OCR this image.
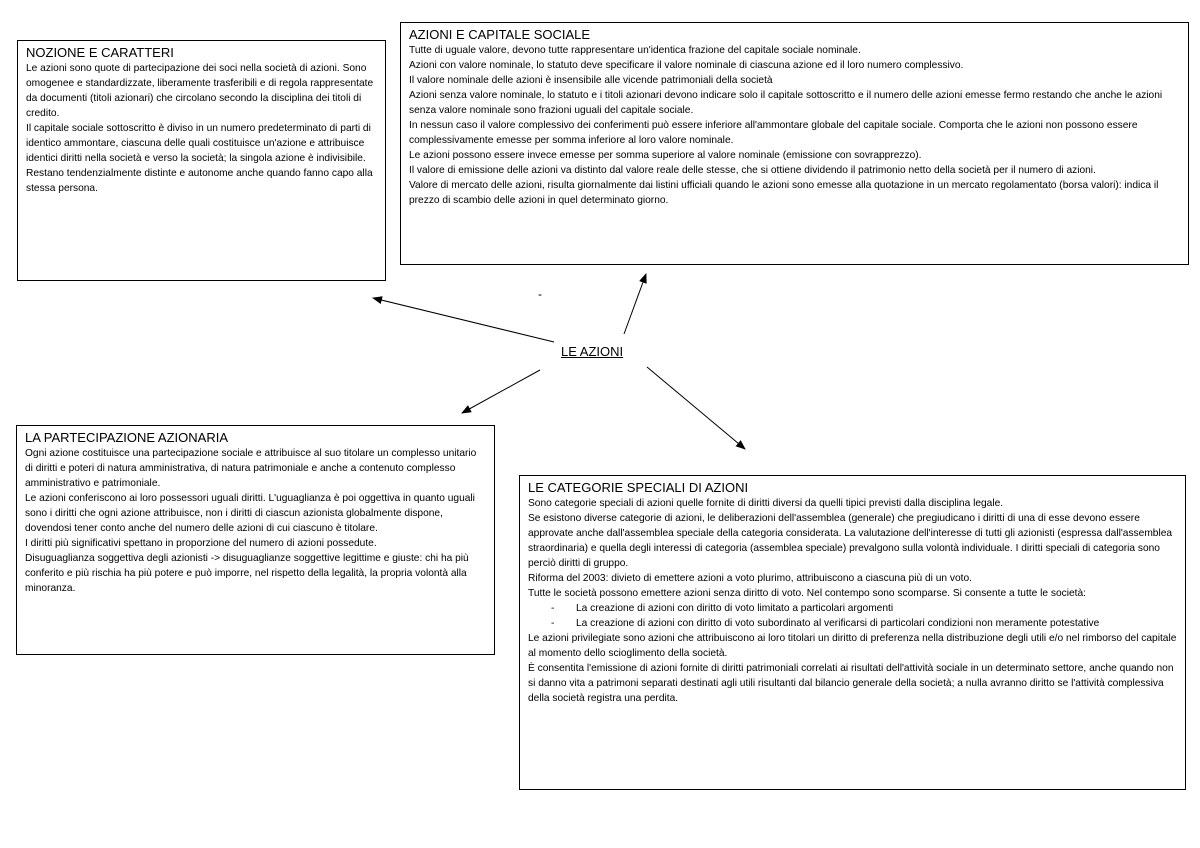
-
LE AZIONI
NOZIONE E CARATTERI

Le azioni sono quote di partecipazione dei soci nella società di azioni. Sono omogenee e standardizzate, liberamente trasferibili e di regola rappresentate da documenti (titoli azionari) che circolano secondo la disciplina dei titoli di credito.

Il capitale sociale sottoscritto è diviso in un numero predeterminato di parti di identico ammontare, ciascuna delle quali costituisce un'azione e attribuisce identici diritti nella società e verso la società; la singola azione è indivisibile.

Restano tendenzialmente distinte e autonome anche quando fanno capo alla stessa persona.

AZIONI E CAPITALE SOCIALE

Tutte di uguale valore, devono tutte rappresentare un'identica frazione del capitale sociale nominale.

Azioni con valore nominale, lo statuto deve specificare il valore nominale di ciascuna azione ed il loro numero complessivo.

Il valore nominale delle azioni è insensibile alle vicende patrimoniali della società

Azioni senza valore nominale, lo statuto e i titoli azionari devono indicare solo il capitale sottoscritto e il numero delle azioni emesse fermo restando che anche le azioni senza valore nominale sono frazioni uguali del capitale sociale.

In nessun caso il valore complessivo dei conferimenti può essere inferiore all'ammontare globale del capitale sociale. Comporta che le azioni non possono essere complessivamente emesse per somma inferiore al loro valore nominale.

Le azioni possono essere invece emesse per somma superiore al valore nominale (emissione con sovrapprezzo).

Il valore di emissione delle azioni va distinto dal valore reale delle stesse, che si ottiene dividendo il patrimonio netto della società per il numero di azioni.

Valore di mercato delle azioni, risulta giornalmente dai listini ufficiali quando le azioni sono emesse alla quotazione in un mercato regolamentato (borsa valori): indica il prezzo di scambio delle azioni in quel determinato giorno.

LA PARTECIPAZIONE AZIONARIA

Ogni azione costituisce una partecipazione sociale e attribuisce al suo titolare un complesso unitario di diritti e poteri di natura amministrativa, di natura patrimoniale e anche a contenuto complesso amministrativo e patrimoniale.

Le azioni conferiscono ai loro possessori uguali diritti. L'uguaglianza è poi oggettiva in quanto uguali sono i diritti che ogni azione attribuisce, non i diritti di ciascun azionista globalmente dispone, dovendosi tener conto anche del numero delle azioni di cui ciascuno è titolare.

I diritti più significativi spettano in proporzione del numero di azioni possedute.

Disuguaglianza soggettiva degli azionisti -> disuguaglianze soggettive legittime e giuste: chi ha più conferito e più rischia ha più potere e può imporre, nel rispetto della legalità, la propria volontà alla minoranza.

LE CATEGORIE SPECIALI DI AZIONI

Sono categorie speciali di azioni quelle fornite di diritti diversi da quelli tipici previsti dalla disciplina legale.

Se esistono diverse categorie di azioni, le deliberazioni dell'assemblea (generale) che pregiudicano i diritti di una di esse devono essere approvate anche dall'assemblea speciale della categoria considerata. La valutazione dell'interesse di tutti gli azionisti (espressa dall'assemblea straordinaria) e quella degli interessi di categoria (assemblea speciale) prevalgono sulla volontà individuale. I diritti speciali di categoria sono perciò diritti di gruppo.

Riforma del 2003: divieto di emettere azioni a voto plurimo, attribuiscono a ciascuna più di un voto.

Tutte le società possono emettere azioni senza diritto di voto. Nel contempo sono scomparse. Si consente a tutte le società:

- La creazione di azioni con diritto di voto limitato a particolari argomenti
- La creazione di azioni con diritto di voto subordinato al verificarsi di particolari condizioni non meramente potestative

Le azioni privilegiate sono azioni che attribuiscono ai loro titolari un diritto di preferenza nella distribuzione degli utili e/o nel rimborso del capitale al momento dello scioglimento della società.

È consentita l'emissione di azioni fornite di diritti patrimoniali correlati ai risultati dell'attività sociale in un determinato settore, anche quando non si danno vita a patrimoni separati destinati agli utili risultanti dal bilancio generale della società; a nulla avranno diritto se l'attività complessiva della società registra una perdita.
